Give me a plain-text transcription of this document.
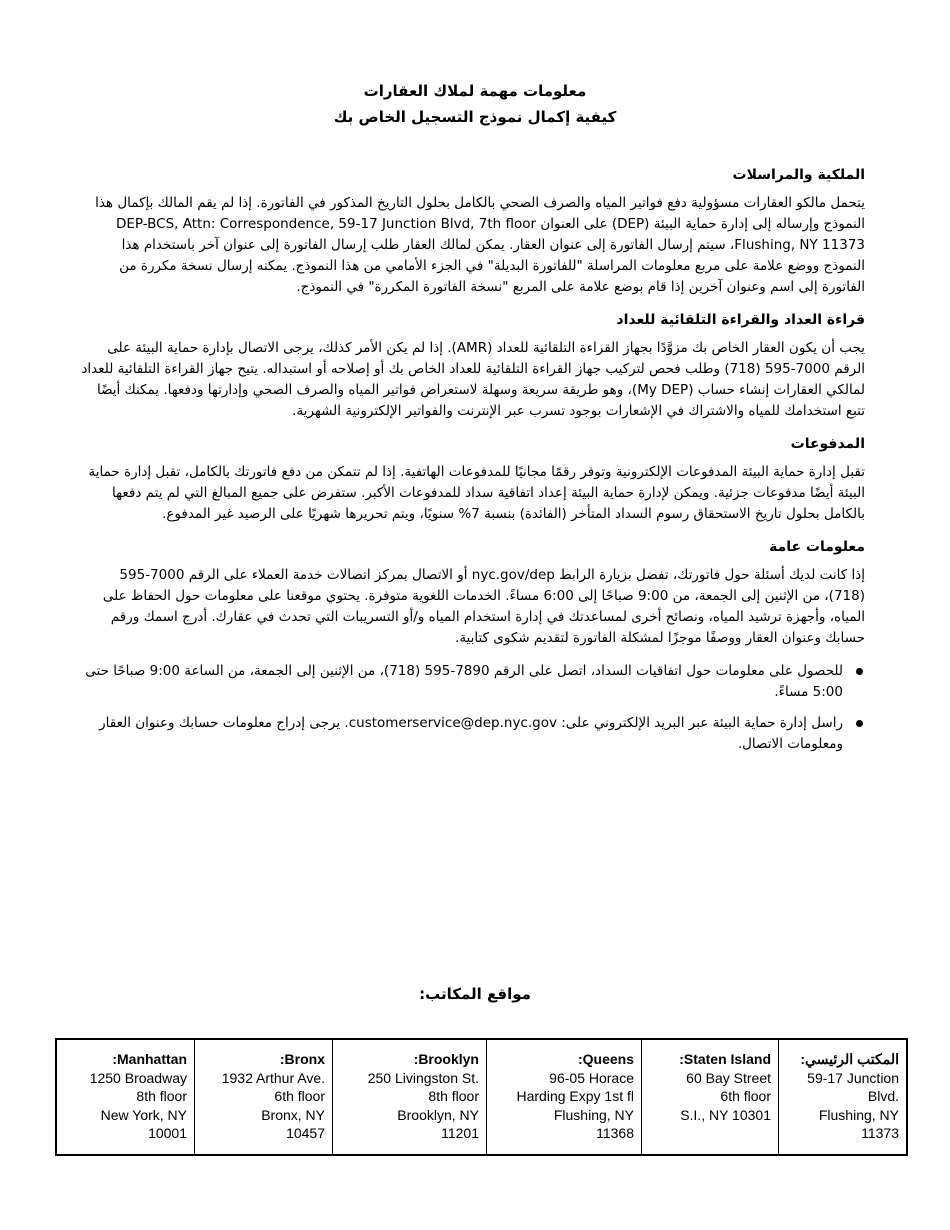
معلومات مهمة لملاك العقارات
كيفية إكمال نموذج التسجيل الخاص بك
الملكية والمراسلات

يتحمل مالكو العقارات مسؤولية دفع فواتير المياه والصرف الصحي بالكامل بحلول التاريخ المذكور في الفاتورة. إذا لم يقم المالك بإكمال هذا النموذج وإرساله إلى إدارة حماية البيئة (DEP) على العنوان DEP-BCS, Attn: Correspondence, 59-17 Junction Blvd, 7th floor Flushing, NY 11373، سيتم إرسال الفاتورة إلى عنوان العقار. يمكن لمالك العقار طلب إرسال الفاتورة إلى عنوان آخر باستخدام هذا النموذج ووضع علامة على مربع معلومات المراسلة "للفاتورة البديلة" في الجزء الأمامي من هذا النموذج. يمكنه إرسال نسخة مكررة من الفاتورة إلى اسم وعنوان آخرين إذا قام بوضع علامة على المربع "نسخة الفاتورة المكررة" في النموذج.

قراءة العداد والقراءة التلقائية للعداد

يجب أن يكون العقار الخاص بك مزوَّدًا بجهاز القراءة التلقائية للعداد (AMR). إذا لم يكن الأمر كذلك، يرجى الاتصال بإدارة حماية البيئة على الرقم 7000-595 (718) وطلب فحص لتركيب جهاز القراءة التلقائية للعداد الخاص بك أو إصلاحه أو استبداله. يتيح جهاز القراءة التلقائية للعداد لمالكي العقارات إنشاء حساب (My DEP)، وهو طريقة سريعة وسهلة لاستعراض فواتير المياه والصرف الصحي وإدارتها ودفعها. يمكنك أيضًا تتبع استخدامك للمياه والاشتراك في الإشعارات بوجود تسرب عبر الإنترنت والفواتير الإلكترونية الشهرية.

المدفوعات

تقبل إدارة حماية البيئة المدفوعات الإلكترونية وتوفر رقمًا مجانيًا للمدفوعات الهاتفية. إذا لم تتمكن من دفع فاتورتك بالكامل، تقبل إدارة حماية البيئة أيضًا مدفوعات جزئية. ويمكن لإدارة حماية البيئة إعداد اتفاقية سداد للمدفوعات الأكبر. ستفرض على جميع المبالغ التي لم يتم دفعها بالكامل بحلول تاريخ الاستحقاق رسوم السداد المتأخر (الفائدة) بنسبة 7% سنويًا، ويتم تحريرها شهريًا على الرصيد غير المدفوع.

معلومات عامة

إذا كانت لديك أسئلة حول فاتورتك، تفضل بزيارة الرابط nyc.gov/dep أو الاتصال بمركز اتصالات خدمة العملاء على الرقم 7000-595 (718)، من الإثنين إلى الجمعة، من 9:00 صباحًا إلى 6:00 مساءً. الخدمات اللغوية متوفرة. يحتوي موقعنا على معلومات حول الحفاظ على المياه، وأجهزة ترشيد المياه، ونصائح أخرى لمساعدتك في إدارة استخدام المياه و/أو التسريبات التي تحدث في عقارك. أدرج اسمك ورقم حسابك وعنوان العقار ووصفًا موجزًا لمشكلة الفاتورة لتقديم شكوى كتابية.

للحصول على معلومات حول اتفاقيات السداد، اتصل على الرقم 7890-595 (718)، من الإثنين إلى الجمعة، من الساعة 9:00 صباحًا حتى 5:00 مساءً.
راسل إدارة حماية البيئة عبر البريد الإلكتروني على: customerservice@dep.nyc.gov. يرجى إدراج معلومات حسابك وعنوان العقار ومعلومات الاتصال.
مواقع المكاتب:
المكتب الرئيسي:
59-17 Junction
Blvd.
Flushing, NY
11373
Staten Island:
60 Bay Street
6th floor
S.I., NY 10301
Queens:
96-05 Horace
Harding Expy 1st fl
Flushing, NY
11368
Brooklyn:
250 Livingston St.
8th floor
Brooklyn, NY
11201
Bronx:
1932 Arthur Ave.
6th floor
Bronx, NY
10457
Manhattan:
1250 Broadway
8th floor
New York, NY
10001
